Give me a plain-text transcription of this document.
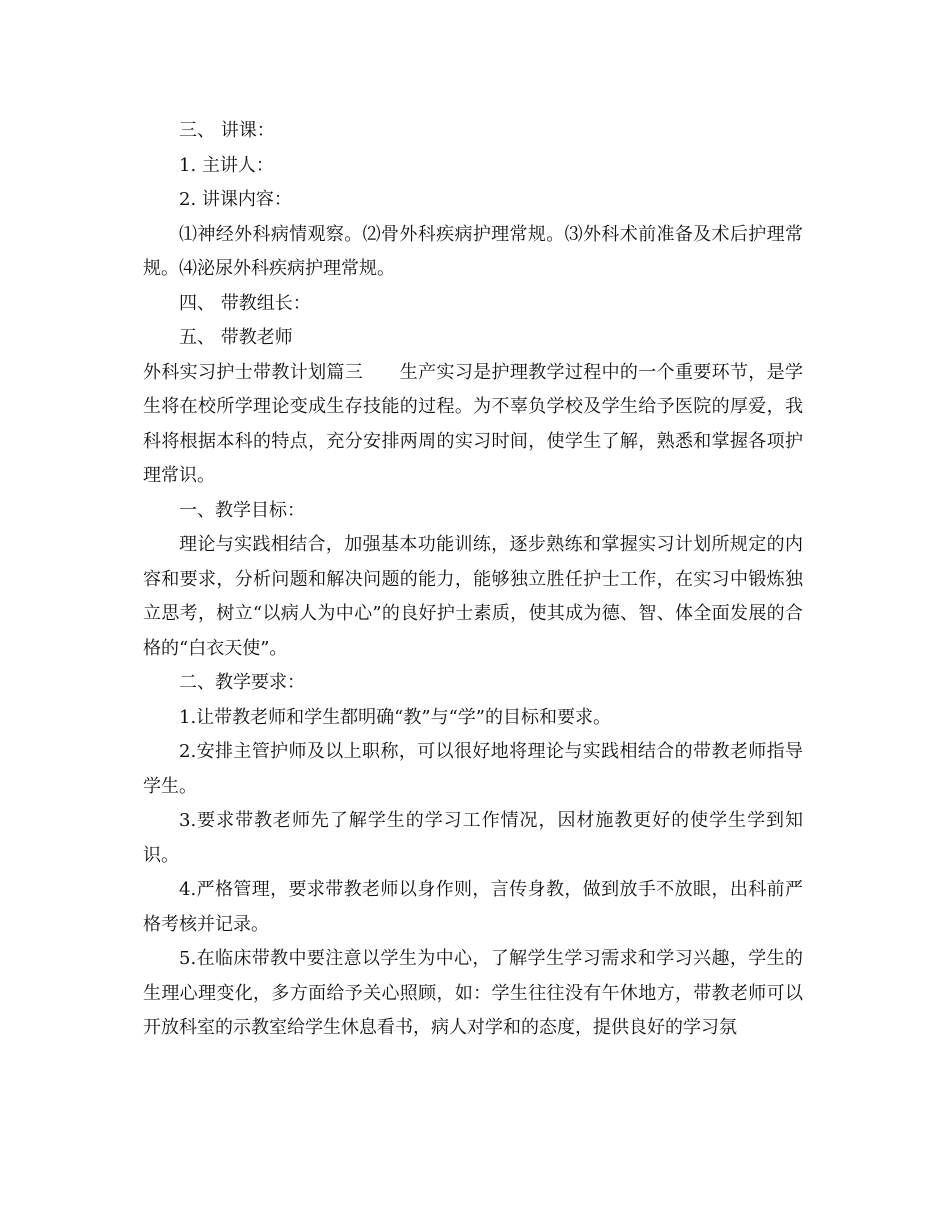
三、 讲课：

1. 主讲人：

2. 讲课内容：

⑴神经外科病情观察。⑵骨外科疾病护理常规。⑶外科术前准备及术后护理常规。⑷泌尿外科疾病护理常规。

四、 带教组长：

五、 带教老师

外科实习护士带教计划篇三　　生产实习是护理教学过程中的一个重要环节，是学生将在校所学理论变成生存技能的过程。为不辜负学校及学生给予医院的厚爱，我科将根据本科的特点，充分安排两周的实习时间，使学生了解，熟悉和掌握各项护理常识。

一、教学目标：

理论与实践相结合，加强基本功能训练，逐步熟练和掌握实习计划所规定的内容和要求，分析问题和解决问题的能力，能够独立胜任护士工作，在实习中锻炼独立思考，树立“以病人为中心”的良好护士素质，使其成为德、智、体全面发展的合格的“白衣天使”。

二、教学要求：

1.让带教老师和学生都明确“教”与“学”的目标和要求。

2.安排主管护师及以上职称，可以很好地将理论与实践相结合的带教老师指导学生。

3.要求带教老师先了解学生的学习工作情况，因材施教更好的使学生学到知识。

4.严格管理，要求带教老师以身作则，言传身教，做到放手不放眼，出科前严格考核并记录。

5.在临床带教中要注意以学生为中心，了解学生学习需求和学习兴趣，学生的生理心理变化，多方面给予关心照顾，如：学生往往没有午休地方，带教老师可以开放科室的示教室给学生休息看书，病人对学和的态度，提供良好的学习氛
